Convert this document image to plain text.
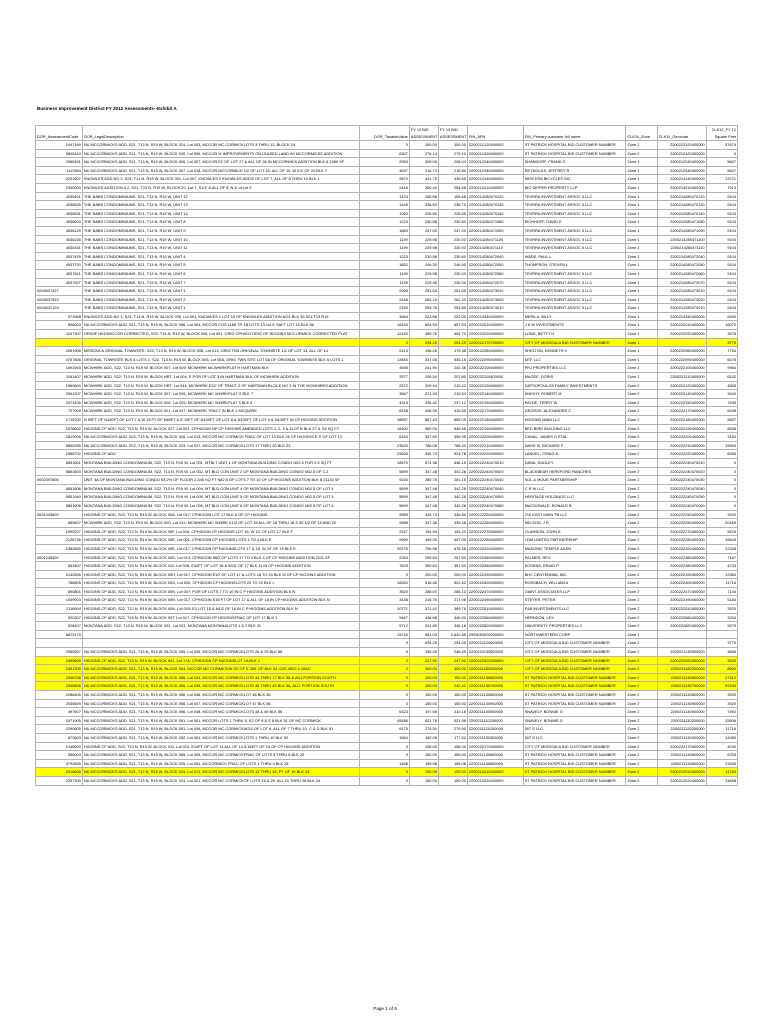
Business Improvement District FY 2012 Assessments--Exhibit A
			FY 12 BID	FY 13 BID					CLK12_FY 12
DOR_AssessmentCode	DOR_LegalDescription	DOR_TaxableValue	ASSESSMENT	ASSESSMENT	FIN_APN	FIN_Primary customer full name	CLK11_Zone	CLK11_Geocode	Square Feet
1097169	NU MCCORMICKS ADD, S21, T13 N, R19 W, BLOCK 024, Lot 003, MCCOR MC CORMICKLOTS 3 THRU 12, BLOCK 24	0	150.00	150.00	2200212120400000	ST PATRICK HOSPITAL BID CUSTOMER NUMBER	Zone 2	2200212120400000	37679
5805410	NU MCCORMICKS ADD, S21, T13 N, R19 W, BLOCK 040, Lot 006, MCCOR M IMPROVEMENTS ON LEASED LAND W/ MCCORMICKS ADDITION	6307	276.14	279.10	2200212420400000	ST PATRICK HOSPITAL BID CUSTOMER NUMBER	Zone 2	2200212420400000	0
2056101	NU MCCORMICKS ADD, S21, T13 N, R19 W, BLOCK 006, Lot 007, MCCOR E2 OF LOT 27 & ALL OF 28 IN MCCORMICK ADDITION BLK 6 2280 SF	2950	209.00	208.04	2200212240400000	SHANDORF, FRANK S	Zone 1	2200212240400000	5637
1112564	NU MCCORMICKS ADD, S21, T13 N, R19 W, BLOCK 007, Lot 018, MCCOR MCCORMICK 1/2 OF LOT 18, ALL OF 19, W 5.6' OF 20 BLK 7	4537	216.74	216.80	2200212440400000	REYNOLDS, JEFFREY R	Zone 1	2200212440400000	5637
2201607	KNOWLES ADD NO 2, S21, T13 N, R19 W, BLOCK 001, Lot 007, KNOWLES 2 KNOWLES ADD/2 OF LOT 7, ALL OF 8 THRU 10 BLK 1	9670	441.75	439.65	2200214140400000	NEW ERA BICYCLES INC	Zone 1	2200214140400000	13721
2305000	KNOWLES ADDITION # 2, S21, T13 N, R19 W, BLOCK 20, Lot 7, S1/4' & ALL OF 8, N 6' of Lot 9	2416	260.40	254.58	2200214210400000	BIG DIPPER PROPERTY LLP	Zone 1	2200214210400000	7013
4536401	THE BABS CONDOMINIUMS, S21, T13 N, R19 W, UNIT 12	1423	155.58	155.68	2200214280470120	TEVRRA INVESTMENT ASSOC II LLC	Zone 1	2200214280470120	9104
4536525	THE BABS CONDOMINIUMS, S21, T13 N, R19 W, UNIT 13	1445	236.63	236.70	2200214280470130	TEVRRA INVESTMENT ASSOC II LLC	Zone 1	2200214280470130	9104
4536631	THE BABS CONDOMINIUMS, S21, T13 N, R19 W, UNIT 14	1060	226.50	226.65	2200214280470140	TEVRRA INVESTMENT ASSOC II LLC	Zone 1	2200214280470140	9104
4536603	THE BABS CONDOMINIUMS, S21, T13 N, R19 W, UNIT 8	1223	230.58	230.60	2200214280471080	EICHHOFF, DAVID E	Zone 1	2200214280471080	9104
4536129	THE BABS CONDOMINIUMS, S21, T13 N, R19 W, UNIT 9	1880	247.00	247.20	2200214280471090	TEVRRA INVESTMENT ASSOC II LLC	Zone 1	2200214280471090	9104
4536235	THE BABS CONDOMINIUMS, S21, T13 N, R19 W, UNIT 10	1199	229.98	230.00	2200214280471100	TEVRRA INVESTMENT ASSOC II LLC	Zone 1	2200214280471100	9104
4536331	THE BABS CONDOMINIUMS, S21, T13 N, R19 W, UNIT 11	1199	229.98	230.00	2200214280471110	TEVRRA INVESTMENT ASSOC II LLC	Zone 1	2200214280471110	9104
4537429	THE BABS CONDOMINIUMS, S21, T13 N, R19 W, UNIT 4	1223	230.58	230.60	2200214280472040	WADE, PAUL L	Zone 1	2200214280472040	9104
4537720	THE BABS CONDOMINIUMS, S21, T13 N, R19 W, UNIT 5	1852	246.30	246.50	2200214280472050	THOMPSON, STEVEN L	Zone 1	2200214280472050	9104
4537821	THE BABS CONDOMINIUMS, S21, T13 N, R19 W, UNIT 6	1199	229.98	230.00	2200214280472060	TEVRRA INVESTMENT ASSOC II LLC	Zone 1	2200214280472060	9104
4537927	THE BABS CONDOMINIUMS, S21, T13 N, R19 W, UNIT 7	1199	229.98	230.00	2200214280472070	TEVRRA INVESTMENT ASSOC II LLC	Zone 1	2200214280472070	9104
0004537427	THE BABS CONDOMINIUMS, S21, T13 N, R19 W, UNIT 1	2065	251.63	251.55	2200214280473010	TEVRRA INVESTMENT ASSOC II LLC	Zone 1	2200214280473010	9104
0004537533	THE BABS CONDOMINIUMS, S21, T13 N, R19 W, UNIT 2	2446	262.15	262.20	2200214280473020	TEVRRA INVESTMENT ASSOC II LLC	Zone 1	2200214280473020	9104
0004537129	THE BABS CONDOMINIUMS, S21, T13 N, R19 W, UNIT 1	2150	253.75	253.80	2200214280474010	TEVRRA INVESTMENT ASSOC II LLC	Zone 1	2200214280474010	9104
973985	KNOWLES ADD NO 1, S21, T13 N, R19 W, BLOCK 035, Lot 001, KNOWLES 1 LOT 10 OF KNOWLES ADDITION NO1 BLK 35 S21 T13 R19	3684	223.68	222.00	2200214340400000	MERILA, BILLY	Zone 1	2200214340400000	6490
806053	NU MCCORMICKS ADD, S21, T13 N, R19 W, BLOCK 056, Lot 003, MCCOR COS 1168 TR 1B LOTS 13 1/4 E SAFT LOT 15 BLK 56	18143	653.53	657.53	2200222010400000	J K W INVESTMENTS	Zone 1	2200222010400000	16070
1107307	ORIGIF HIGGMCCOR CORRECTED, S22, T13 N, R19 W, BLOCK 006, Lot 001, ORIG CPHIGG ORIG OF HIGGINS MCCORMICK CORRECTED PLAT	12153	489.76	494.70	2200222020400000	LONG, BETTY H	Zone 1	2200222020400000	3576
		0	294.25	294.25	2200222170700000	CITY OF MISSOULA BID CUSTOMER NUMBER	Zone 1		3779
2061908	MISSOULA ORIGINAL TOWNSITE, S22, T13 N, R19 W, BLOCK 008, Lot 013, ORIG TNS ORIGINAL TOWNSITE 1/2 OF LOT 13, ALL OF 14	2413	196.26	179.38	2200222060400000	SHELTON, KENNETH V	Zone 1	2200222060400000	7754
3757806	ORIGINAL TOWNSITE BLK 6 LOTS 1, S22, T13 N, R19 W, BLOCK 006, Lot 05A, ORIG TWN SITE LOT 5A OF ORIGINAL TOWNSITE BLK 6 LOTS 1	13483	537.08	535.15	2200222090400000	MTF LLC	Zone 1	2200222090400000	6078
1591593	MCWHIRK ADD, S22, T13 N, R19 W, BLOCK 007, Lot 009, MCWHIRK MCWHIRKPLAT H HARTMAN BLK	4595	241.90	242.36	2200222100400000	PRJ PROPERTIES LLC	Zone 1	2200222100400000	9984
1161407	MCWHIRK ADD, S22, T13 N, R19 W, BLOCK HRT, Lot 004, E POR OF LOT 3 IN HARTMAN BLK OF MCWHIRK ADDITION	2577	205.54	207.80	2200222110400000	MAGEE, DORIS	Zone 1	2200222110400000	6142
1969800	MCWHIRK ADD, S22, T13 N, R19 W, BLOCK HRT, Lot 044, MCWHIRK E32' OF TRACT 2 OF HARTMAN BLOCK NO 2 IN THE MCWHIRKS ADDITION	2572	209.44	210.42	2200222120400000	DATSOPOULOS FAMILY INVESTMENTS	Zone 2	2200222120400000	4605
2501207	MCWHIRK ADD, S22, T13 N, R19 W, BLOCK 007, Lot 006, MCWHIRK MC WHIRKPLAT G BLK 7	3567	221.34	219.54	2200222140400000	KNIGHT, ROBERT M	Zone 2	2200222140400000	3440
2073105	MCWHIRK ADD, S22, T13 N, R19 W, BLOCK 006, Lot 005, MCWHIRK MC WHIRKPLAT 5 BLK 6	4315	236.42	237.12	2200222150400000	PAYNE, TERRY W	Zone 2	2200222150400000	7449
707009	MCWHIRK ADD, S22, T13 N, R19 W, BLOCK 001, Lot 047, MCWHIRK TRACT IN BLK 1 MCQUIRK	8158	408.95	415.55	2200222170400000	GEORGE, ALEXANDER C	Zone 2	2200222170400000	6298
1715700	N 55FT OF N100FT OF LOT 7 & W 15 FT OF N60FT & E 15FT OF N100FT OF LOT 8 & N100FT OF LOT 9 & N100FT IN CP HIGGINS ADDITION	18697	667.43	655.05	2200222180400000	HIGGINS MAIN LLC	Zone 2	2200222180400000	5637
1576602	HIGGINS CP ADD, S22, T13 N, R19 W, BLOCK 027, Lot 001, CPHIGGIN NP CP HIGGINS AMENDED LOTS 1, 2, 3 & 4LOT B BLK 27 IL S4 SQ FT	16400	960.00	945.56	2200222190400000	BED BIRD BUILDING LLC	Zone 2	2200222190400000	8538
2819006	NU MCCORMICKS ADD, S22, T13 N, R19 W, BLOCK 026, Lot 013, MCCOR MC CORMICK FRAC OF LOT 13 BLK 26 CP HIGGINS E 3' OF LOT 13	6164	357.60	355.95	2200222200400000	CANAL, JAMES O ETAL	Zone 2	2200222200400000	3154
5805255	NU MCCORMICKS ADD, S22, T13 N, R19 W, BLOCK 023, Lot 017, MCCOR MC CORMICKLOTS 17 THRU 20 BLK 23	23525	788.08	786.40	2200222210400000	NASH III, RICHARD P	Zone 2	2200222210400000	15594
1558702	HIGGINS CP ADD	29626	945.73	924.78	2200222220400000	LANGEL, CRAIG A	Zone 2	2200222220400000	6055
5851601	MONTANA BUILDING CONDOMINIUM, S22, T13 N, R19 W, Lot 001, MTBLT UNIT 1 OF MONTANA BUILDING CONDO N02.5 FOR 2.5 SQ FT	18575	674.38	646.15	2200222240470010	DANA, DUDLEY	Zone 2	2200222240470010	0
5851603	MONTANA BUILDING CONDOMINIUM, S22, T13 N, R19 W, Lot 002, MT BLD CON UNIT 2 OF MONTANA BUILDING CONDO N02.5 OF 1.2	5899	347.48	342.28	2200222240470020	BLACKBEAR HEREFORD RANCHES	Zone 2	2200222240470020	0
0002397606	UNIT 3A OF MONTANA BUILDING CONDO 63.2% OF FLOOR 2,345 SQ FT N82.5 OF LOTS 7 TO 10 OF CP HIGGINS ADDITION BLK 8 21133 SF	9230	280.75	281.15	2200222240470030	SOL & MOUE PARTNERSHIP	Zone 2	2200222240470030	0
5851606	MONTANA BUILDING CONDOMINIUM, S22, T13 N, R19 W, Lot 004, MT BLD CON UNIT 4 OF MONTANA BUILDING CONDO N02.5 OF LOT 4	5899	347.48	342.28	2200222240470040	C R W LLC	Zone 2	2200222240470040	0
5851940	MONTANA BUILDING CONDOMINIUM, S22, T13 N, R19 W, Lot 005, MT BLD CON UNIT 5 OF MONTANA BUILDING CONDO N02.5 OF LOT 5	5899	347.48	342.28	2200222240470050	HERITAGE HOLDINGS LLC	Zone 2	2200222240470050	0
5851606	MONTANA BUILDING CONDOMINIUM, S22, T13 N, R19 W, Lot 006, MT BLD CON UNIT 6 OF MONTANA BUILDING CONDO N02.5 OF LOT 6	5899	347.48	342.28	2200222240470060	MACDONALD, RONALD B	Zone 2	2200222240470060	0
0001443600	HIGGINS CP ADD, S22, T13 N, R19 W, BLOCK 00A, Lot 017, CPHIGGIN LOT 17 BLK A OF CP HIGGINS	9989	349.73	346.80	2200222250400000	210 EAST MAIN TB LLC	Zone 2	2200222250400000	3920
589407	MCWHIRK ADD, S22, T13 N, R19 W, BLOCK 000, Lot 015, MCWHIRK MC WHIRK E1/2 OF LOT 15 ALL OF 16 THRU 18 S 50 1/2 OF 19 AND 20	9988	337.36	335.48	2200222260400000	NELSON, J R	Zone 2	2200222260400000	20169
1995207	HIGGINS CP ADD, S22, T13 N, R19 W, BLOCK 00F, Lot 016, CPHIGGIN CP HIGGINS LOT 16, W 10' OF LOT 17 BLK F	2247	194.94	193.20	2200222270400000	CLAWSON, JOHN A	Zone 2	2200222270400000	5576
2126736	HIGGINS CP ADD, S22, T13 N, R19 W, BLOCK 00E, Lot 001, CPHIGGIN CP HIGGINS LOTS 1 TO 4 BLK E	9990	449.20	447.00	2200222280400000	LDM LIMITED PARTNERSHIP	Zone 2	2200222280400000	16643
1382805	HIGGINS CP ADD, S22, T13 N, R19 W, BLOCK 00E, Lot 017, CPHIGGIN CP HIGGINSLOTS 17 & 18, W 20' OF 19 BLK E	20276	706.98	678.58	2200222320400000	MASONIC TEMPLE ASSN	Zone 2	2200222320400000	22328
0001245400	HIGGINS CP ADD, S22, T13 N, R19 W, BLOCK 00D, Lot 013, CPHIGGIN S60' OF LOTS 17 TO 4 BLK 4 OF CP HIGGINS ADDITION 2211 SF	2263	259.83	257.60	2200222360400000	PALMER, REX	Zone 2	2200222360400000	7187
653407	HIGGINS CP ADD, S22, T13 N, R19 W, BLOCK 011, Lot 016, E32FT OF LOT 16 & W10' OF 17 BLK 11 IN CP HIGGINS ADDITION	7625	390.63	387.60	2200222380400000	KOSENA, KRAIG P	Zone 2	2200222380400000	4733
2142505	HIGGINS CP ADD, S22, T13 N, R19 W, BLOCK 00H, Lot 017, CPHIGGIN E10' OF LOT 17 & LOTS 18 TO 20 BLK M OF CP HIGGINS ADDITION	0	200.00	200.00	2200222390400000	BHC CENTENNIAL INC	Zone 2	2200222390400000	12360
786505	HIGGINS CP ADD, S22, T13 N, R19 W, BLOCK 00G, Lot 020, CPHIGGIN CP HIGGINSLOTS 20 TO 22 BLK L	18320	516.46	522.42	2200222400400000	ROSSBACH, WILLIAM A	Zone 2	2200222400400000	11716
890801	HIGGINS CP ADD, S22, T13 N, R19 W, BLOCK 00N, Lot 007, POR OF LOTS 7 TO 10 IN C P HIGGINS ADDITION BLK N	3520	288.00	286.10	2200222470400000	GIANT ASSOCIATES LLP	Zone 2	2200222470400000	7144
1049903	HIGGINS CP ADD, S22, T13 N, R19 W, BLOCK 00N, Lot 017, CPHIGGIN E16 FT OF LOT 17 & ALL OF 18 IN CP HIGGINS ADDITION BLK N	3438	216.76	217.06	2200222490400000	STEYER, PETER	Zone 2	2200222490400000	5184
2118904	HIGGINS CP ADD, S22, T13 N, R19 W, BLOCK 00N, Lot 015, E1 LOT 15 & N1/2 OF 16 IN C P HIGGINS ADDITION BLK N	10771	371.42	369.76	2200222510400000	F&B INVESTMENTS LLC	Zone 2	2200222510400000	3920
920307	HIGGINS CP ADD, S22, T13 N, R19 W, BLOCK 00T, Lot 017, CPHIGGIN CP HIGGINSFRAC OF LOT 17 BLK 1	9467	436.68	440.00	2200222560400000	HERNDON, LEX	Zone 2	2200222560400000	3234
528407	MONTANA ADD, S22, T13 N, R19 W, BLOCK 001, Lot 001, MONTANA MONTANALOTS 1 & 2 BLK 31	5712	341.80	346.18	2200222820400000	UNIVERSITY PROPERTIES LLC	Zone 2	2200222820400000	9279
8821170		15743	581.03	2,642.85	2993053002000000	NORTHWESTERN CORP	Zone 1		
		0	294.25	294.25	2200221120600000	CITY OF MISSOULA BID CUSTOMER NUMBER	Zone 2		3779
2085907	NU MCCORMICKS ADD, S21, T13 N, R19 W, BLOCK 055, Lot 026, MCCOR MC CORMICKLOTS 26 & 29 BLK 56	0	246.45	246.45	2200221130500000	CITY OF MISSOULA BID CUSTOMER NUMBER	Zone 2	2200221130500000	3656
2485609	HIGGINS CP ADD, S22, T13 N, R19 W, BLOCK 001, Lot 17A, CPHIGGIN CP HIGGINSLOT 1A BLK 2	0	247.50	247.50	2200222520300000	CITY OF MISSOULA BID CUSTOMER NUMBER	Zone 2	2200222520300000	3930
2301305	NU MCCORMICKS ADD, S21, T13 N, R19 W, BLOCK 054, MCCOR MC CORMICKW 25' OF E 300' OF BLK 54 COS 4502 0.28AC	0	300.00	300.00	2200211180200000	CITY OF MISSOULA BID CUSTOMER NUMBER	Zone 2	2200211180200000	8000
2096708	NU MCCORMICKS ADD, S21, T13 N, R19 W, BLOCK 055, Lot 034, MCCOR MC CORMICKLOTS 34 THRU 17 BLK 56 & ADJ PORTION SOUTH	0	150.00	150.00	2200211130600000	ST PATRICK HOSPITAL BID CUSTOMER NUMBER	Zone 2	2200211130600000	27312
2096806	NU MCCORMICKS ADD, S21, T13 N, R19 W, BLOCK 056, Lot 038, MCCOR MC CORMICKLOTS 38 THRU 45 BLK 56, ADJ. PORTION SOUTH	0	150.00	242.42	2200211130700000	ST PATRICK HOSPITAL BID CUSTOMER NUMBER	Zone 2	2200211130700000	92434
2086405	NU MCCORMICKS ADD, S21, T13 N, R19 W, BLOCK 056, Lot 046, MCCOR MC CORMICKLOT 46 BLK 56	0	150.00	150.00	2200211130800000	ST PATRICK HOSPITAL BID CUSTOMER NUMBER	Zone 2	2200211130800000	3920
2036509	NU MCCORMICKS ADD, S21, T13 N, R19 W, BLOCK 056, Lot 047, MCCOR MC CORMICKLOT 47 BLK 56	0	150.00	150.00	2200211130900000	ST PATRICK HOSPITAL BID CUSTOMER NUMBER	Zone 2	2200211130900000	3920
497607	NU MCCORMICKS ADD, S21, T13 N, R19 W, BLOCK 056, Lot 048, MCCOR MC CORMICKLOTS 48 & 49 BLK 56	6323	197.65	210.16	2200211140000000	SNAVELY, BONNIE G	Zone 2	2200211140000000	7492
2471905	NU MCCORMICKS ADD, S21, T13 N, R19 W, BLOCK 051, Lot 001, MCCOR LOTS 1 THRU 5, E2 OF 6 & S 8 BLK 51 OF MC CORMICK	45486	621.76	921.98	2200211110200000	SNAVELY, BONNIE G	Zone 2	2200211110200000	25906
2290605	NU MCCORMICKS ADD, S21, T13 N, R19 W, BLOCK 051, Lot 006, MCCOR MC CORMICKW2/2 OF LOT 6, ALL OF 7 THRU 10, C & D BLK 51	6175	275.50	279.50	2200211120200000	507 S LLC	Zone 2	2200211120200000	11716
872603	NU MCCORMICKS ADD, S21, T13 N, R19 W, BLOCK 052, Lot 001, MCCOR MC CORMICKLOTS 1 THRU 10 BLK 52	1564	182.28	177.52	2200211130300000	507 S LLC	Zone 2	2200211130300000	14985
1446600	HIGGINS CP ADD, S22, T13 N, R19 W, BLOCK 011, Lot 013, E10FT OF LOT 13 ALL OF 14 & W4FT OF 15 OF CP HIGGINS ADDITION	0	156.00	156.00	2200222170400000	CITY OF MISSOULA BID CUSTOMER NUMBER	Zone 2	2200222170400000	4230
356003	NU MCCORMICKS ADD, S21, T13 N, R19 W, BLOCK 065, Lot 005, MCCOR MC CORMICKFRAC OF LOTS 5 THRU 8 BLK 25	0	150.00	150.00	2200211130800000	ST PATRICK HOSPITAL BID CUSTOMER NUMBER	Zone 2	2200211130800000	6753
3792805	NU MCCORMICKS ADD, S21, T13 N, R19 W, BLOCK 025, Lot 001, MCCORMICK FRAC OF LOTS 1 THRU 4 BLK 25	1458	199.98	189.06	2200211130800000	ST PATRICK HOSPITAL BID CUSTOMER NUMBER	Zone 2	2200211130800000	22635
2016605	NU MCCORMICKS ADD, S21, T13 N, R19 W, BLOCK 024, Lot 013, MCCOR MC CORMICKLOTS 13 THRU 18, PT OF 19 BLK 24	0	150.00	150.00	2200212010400000	ST PATRICK HOSPITAL BID CUSTOMER NUMBER	Zone 2	2200212010400000	11763
2297300	NU MCCORMICKS ADD, S21, T13 N, R19 W, BLOCK 024, Lot 021, MCCOR MC CORMICKOF LOTS 19 & 20, ALL 21 THRU 26 BLK 24	0	150.00	150.00	2200212020400000	ST PATRICK HOSPITAL BID CUSTOMER NUMBER	Zone 2	2200212020400000	14898
Page 1 of 9
